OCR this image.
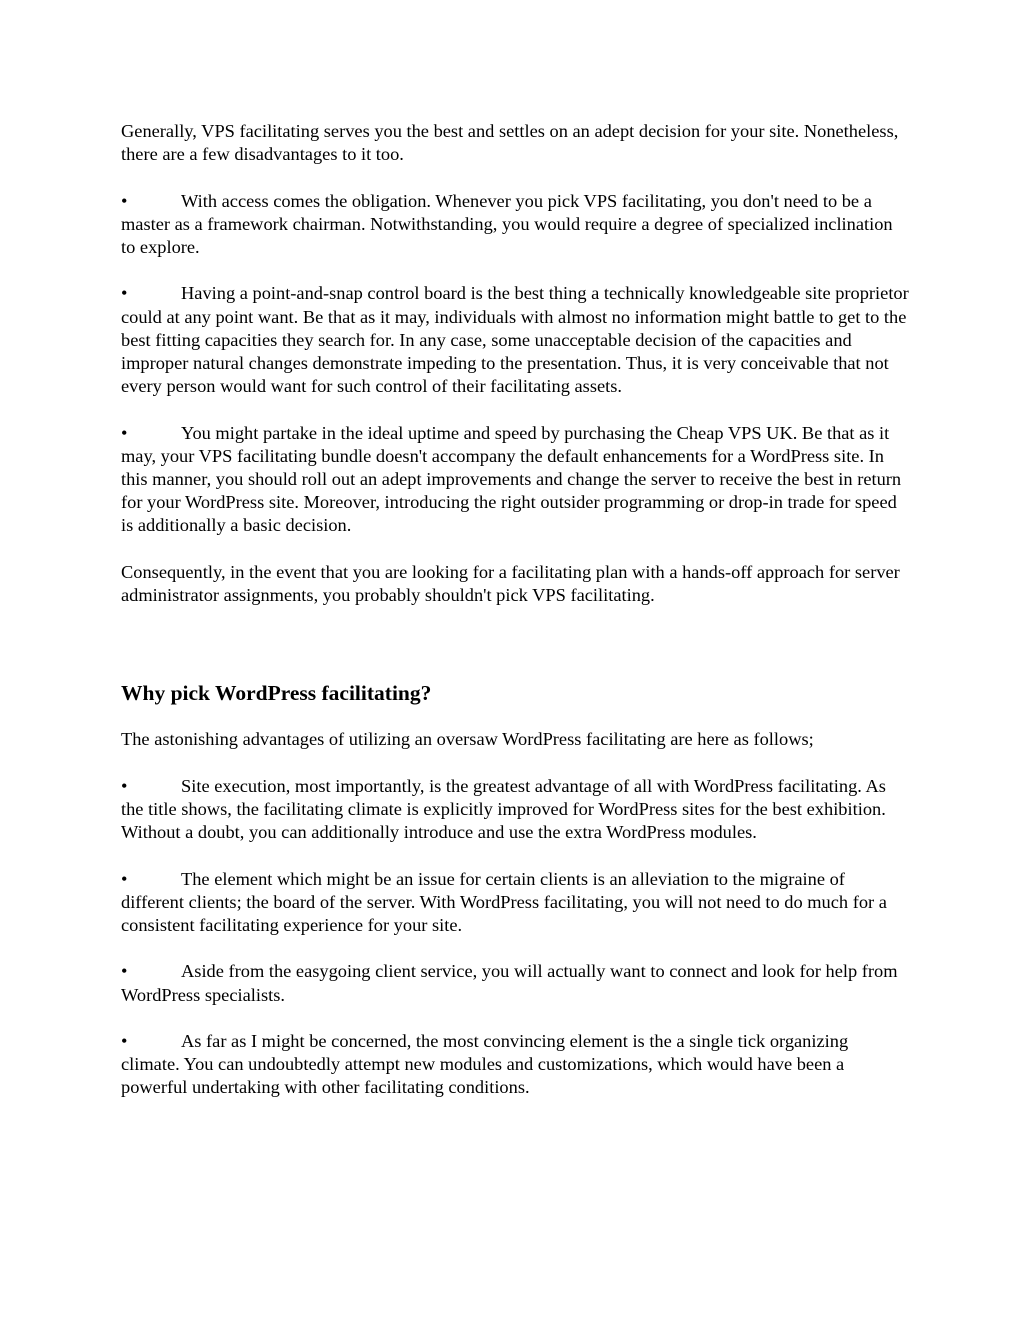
Generally, VPS facilitating serves you the best and settles on an adept decision for your site. Nonetheless, there are a few disadvantages to it too.

•	With access comes the obligation. Whenever you pick VPS facilitating, you don't need to be a master as a framework chairman. Notwithstanding, you would require a degree of specialized inclination to explore.

•	Having a point-and-snap control board is the best thing a technically knowledgeable site proprietor could at any point want. Be that as it may, individuals with almost no information might battle to get to the best fitting capacities they search for. In any case, some unacceptable decision of the capacities and improper natural changes demonstrate impeding to the presentation. Thus, it is very conceivable that not every person would want for such control of their facilitating assets.

•	You might partake in the ideal uptime and speed by purchasing the Cheap VPS UK. Be that as it may, your VPS facilitating bundle doesn't accompany the default enhancements for a WordPress site. In this manner, you should roll out an adept improvements and change the server to receive the best in return for your WordPress site. Moreover, introducing the right outsider programming or drop-in trade for speed is additionally a basic decision.

Consequently, in the event that you are looking for a facilitating plan with a hands-off approach for server administrator assignments, you probably shouldn't pick VPS facilitating.

Why pick WordPress facilitating?

The astonishing advantages of utilizing an oversaw WordPress facilitating are here as follows;

•	Site execution, most importantly, is the greatest advantage of all with WordPress facilitating. As the title shows, the facilitating climate is explicitly improved for WordPress sites for the best exhibition. Without a doubt, you can additionally introduce and use the extra WordPress modules.

•	The element which might be an issue for certain clients is an alleviation to the migraine of different clients; the board of the server. With WordPress facilitating, you will not need to do much for a consistent facilitating experience for your site.

•	Aside from the easygoing client service, you will actually want to connect and look for help from WordPress specialists.

•	As far as I might be concerned, the most convincing element is the a single tick organizing climate. You can undoubtedly attempt new modules and customizations, which would have been a powerful undertaking with other facilitating conditions.
